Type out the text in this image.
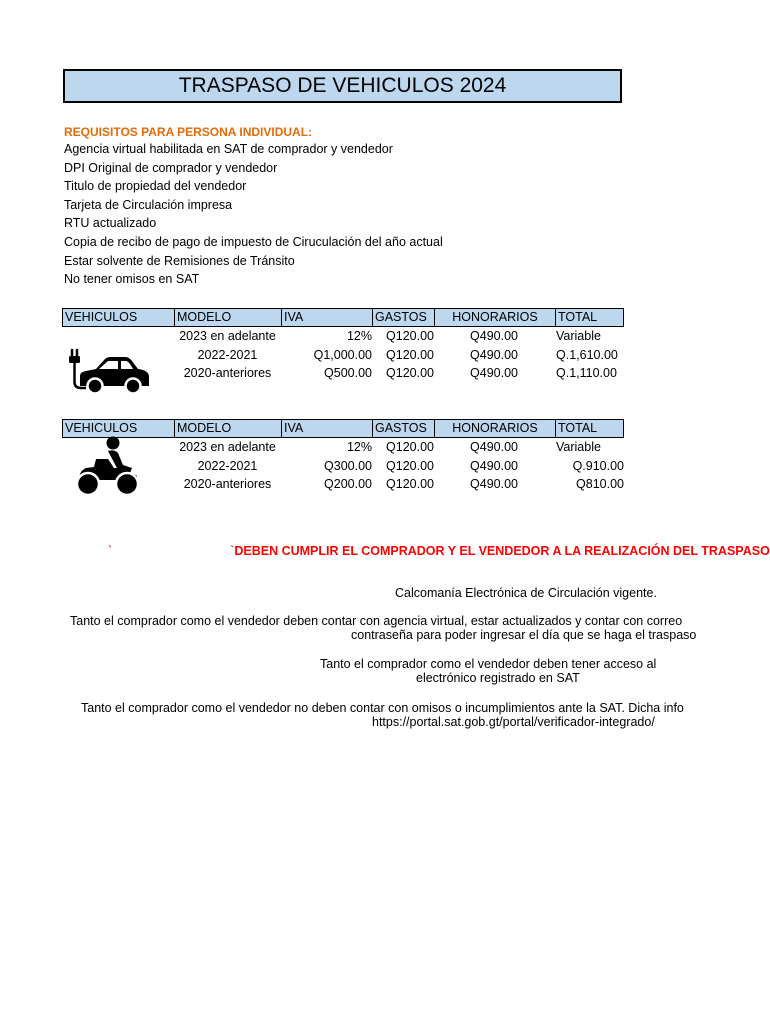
TRASPASO DE VEHICULOS 2024
REQUISITOS PARA PERSONA INDIVIDUAL:
Agencia virtual habilitada en SAT de comprador y vendedor
DPI Original de comprador y vendedor
Titulo de propiedad del vendedor
Tarjeta de Circulación impresa
RTU actualizado
Copia de recibo de pago de impuesto de Ciruculación del año actual
Estar solvente de Remisiones de Tránsito
No tener omisos en SAT
VEHICULOS	MODELO	IVA	GASTOS	HONORARIOS	TOTAL
2023 en adelante	12%	Q120.00	Q490.00	Variable
2022-2021	Q1,000.00	Q120.00	Q490.00	Q.1,610.00
2020-anteriores	Q500.00	Q120.00	Q490.00	Q.1,110.00
VEHICULOS	MODELO	IVA	GASTOS	HONORARIOS	TOTAL
2023 en adelante	12%	Q120.00	Q490.00	Variable
2022-2021	Q300.00	Q120.00	Q490.00	Q.910.00
2020-anteriores	Q200.00	Q120.00	Q490.00	Q810.00
`	`DEBEN CUMPLIR EL COMPRADOR Y EL VENDEDOR A LA REALIZACIÓN DEL TRASPASO
Calcomanía Electrónica de Circulación vigente.
Tanto el comprador como el vendedor deben contar con agencia virtual, estar actualizados y contar con correo
contraseña para poder ingresar el día que se haga el traspaso
Tanto el comprador como el vendedor deben tener acceso al
electrónico registrado en SAT
Tanto el comprador como el vendedor no deben contar con omisos o incumplimientos ante la SAT. Dicha info
https://portal.sat.gob.gt/portal/verificador-integrado/
